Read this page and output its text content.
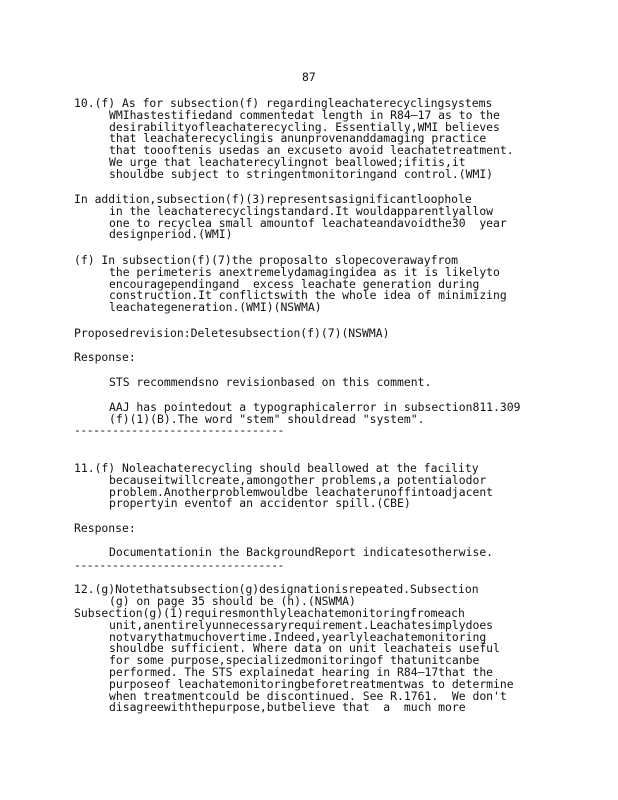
87
10.(f) As for subsection(f) regardingleachaterecyclingsystems
WMIhastestifiedand commentedat length in R84–17 as to the
desirabilityofleachaterecycling. Essentially,WMI believes
that leachaterecyclingis anunprovenanddamaging practice
that toooftenis usedas an excuseto avoid leachatetreatment.
We urge that leachaterecylingnot beallowed;ifitis,it
shouldbe subject to stringentmonitoringand control.(WMI)
In addition,subsection(f)(3)representsasignificantloophole
in the leachaterecyclingstandard.It wouldapparentlyallow
one to recyclea small amountof leachateandavoidthe30  year
designperiod.(WMI)
(f) In subsection(f)(7)the proposalto slopecoverawayfrom
the perimeteris anextremelydamagingidea as it is likelyto
encouragependingand  excess leachate generation during
construction.It conflictswith the whole idea of minimizing
leachategeneration.(WMI)(NSWMA)
Proposedrevision:Deletesubsection(f)(7)(NSWMA)
Response:
STS recommendsno revisionbased on this comment.
AAJ has pointedout a typographicalerror in subsection811.309
(f)(1)(B).The word "stem" shouldread "system".
---------------------------------
11.(f) Noleachaterecycling should beallowed at the facility
becauseitwillcreate,amongother problems,a potentialodor
problem.Anotherproblemwouldbe leachaterunoffintoadjacent
propertyin eventof an accidentor spill.(CBE)
Response:
Documentationin the BackgroundReport indicatesotherwise.
---------------------------------
12.(g)Notethatsubsection(g)designationisrepeated.Subsection
(g) on page 35 should be (h).(NSWMA)
Subsection(g)(1)requiresmonthlyleachatemonitoringfromeach
unit,anentirelyunnecessaryrequirement.Leachatesimplydoes
notvarythatmuchovertime.Indeed,yearlyleachatemonitoring
shouldbe sufficient. Where data on unit leachateis useful
for some purpose,specializedmonitoringof thatunitcanbe
performed. The STS explainedat hearing in R84–17that the
purposeof leachatemonitoringbeforetreatmentwas to determine
when treatmentcould be discontinued. See R.1761.  We don't
disagreewiththepurpose,butbelieve that  a  much more
